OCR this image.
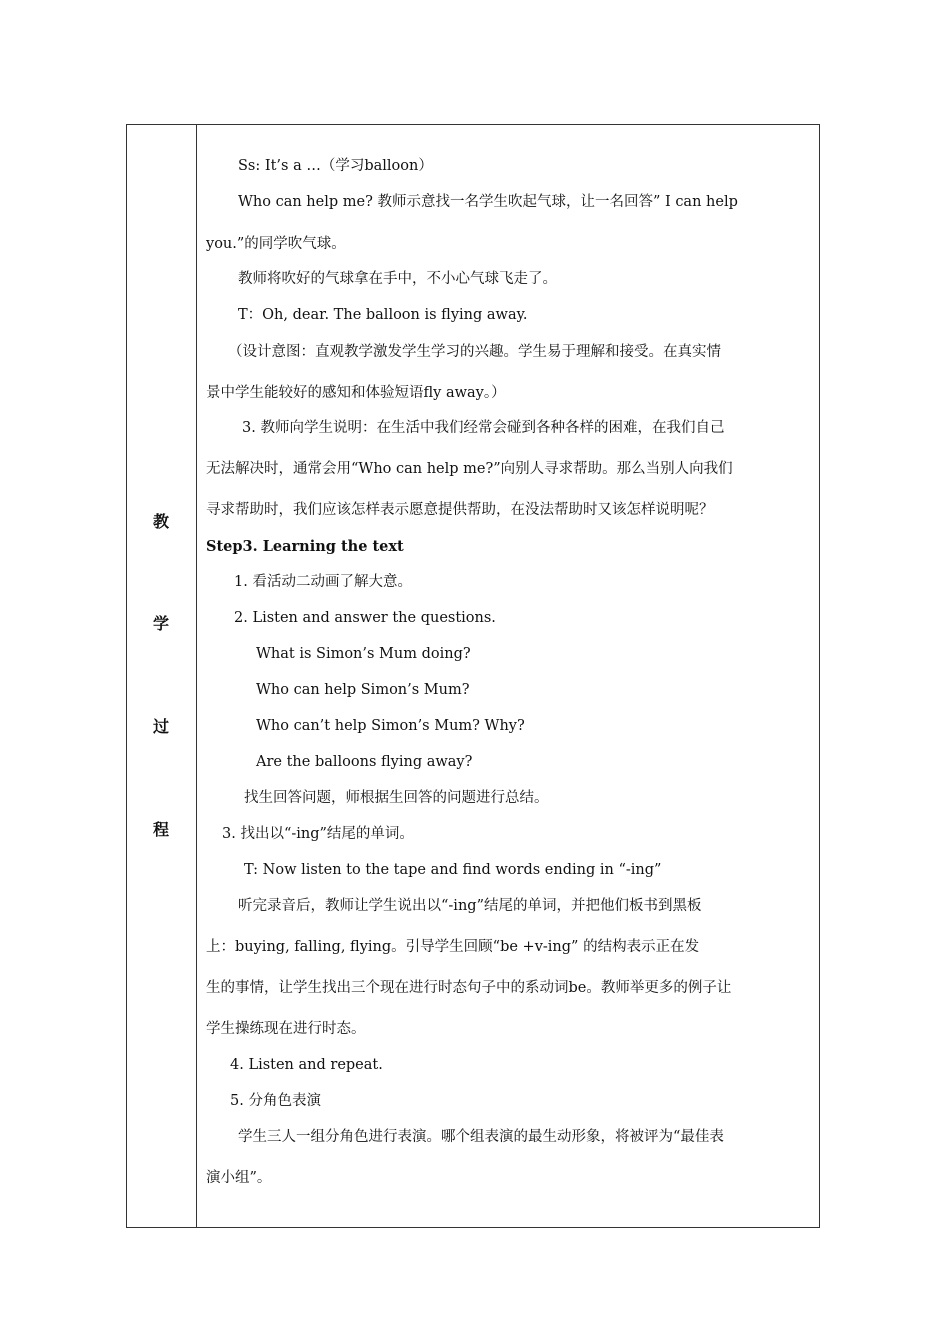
教
学
过
程
Ss: It’s a …（学习balloon）
Who can help me? 教师示意找一名学生吹起气球，让一名回答” I can help
you.”的同学吹气球。
教师将吹好的气球拿在手中，不小心气球飞走了。
T：Oh, dear. The balloon is flying away.
（设计意图：直观教学激发学生学习的兴趣。学生易于理解和接受。在真实情
景中学生能较好的感知和体验短语fly away。）
3. 教师向学生说明：在生活中我们经常会碰到各种各样的困难，在我们自己
无法解决时，通常会用“Who can help me?”向别人寻求帮助。那么当别人向我们
寻求帮助时，我们应该怎样表示愿意提供帮助，在没法帮助时又该怎样说明呢？
Step3. Learning the text
1. 看活动二动画了解大意。
2. Listen and answer the questions.
What is Simon’s Mum doing?
Who can help Simon’s Mum?
Who can’t help Simon’s Mum? Why?
Are the balloons flying away?
找生回答问题，师根据生回答的问题进行总结。
3. 找出以“-ing”结尾的单词。
T: Now listen to the tape and find words ending in “-ing”
听完录音后，教师让学生说出以“-ing”结尾的单词，并把他们板书到黑板
上：buying, falling, flying。引导学生回顾“be +v-ing” 的结构表示正在发
生的事情，让学生找出三个现在进行时态句子中的系动词be。教师举更多的例子让
学生操练现在进行时态。
4. Listen and repeat.
5. 分角色表演
学生三人一组分角色进行表演。哪个组表演的最生动形象，将被评为“最佳表
演小组”。
